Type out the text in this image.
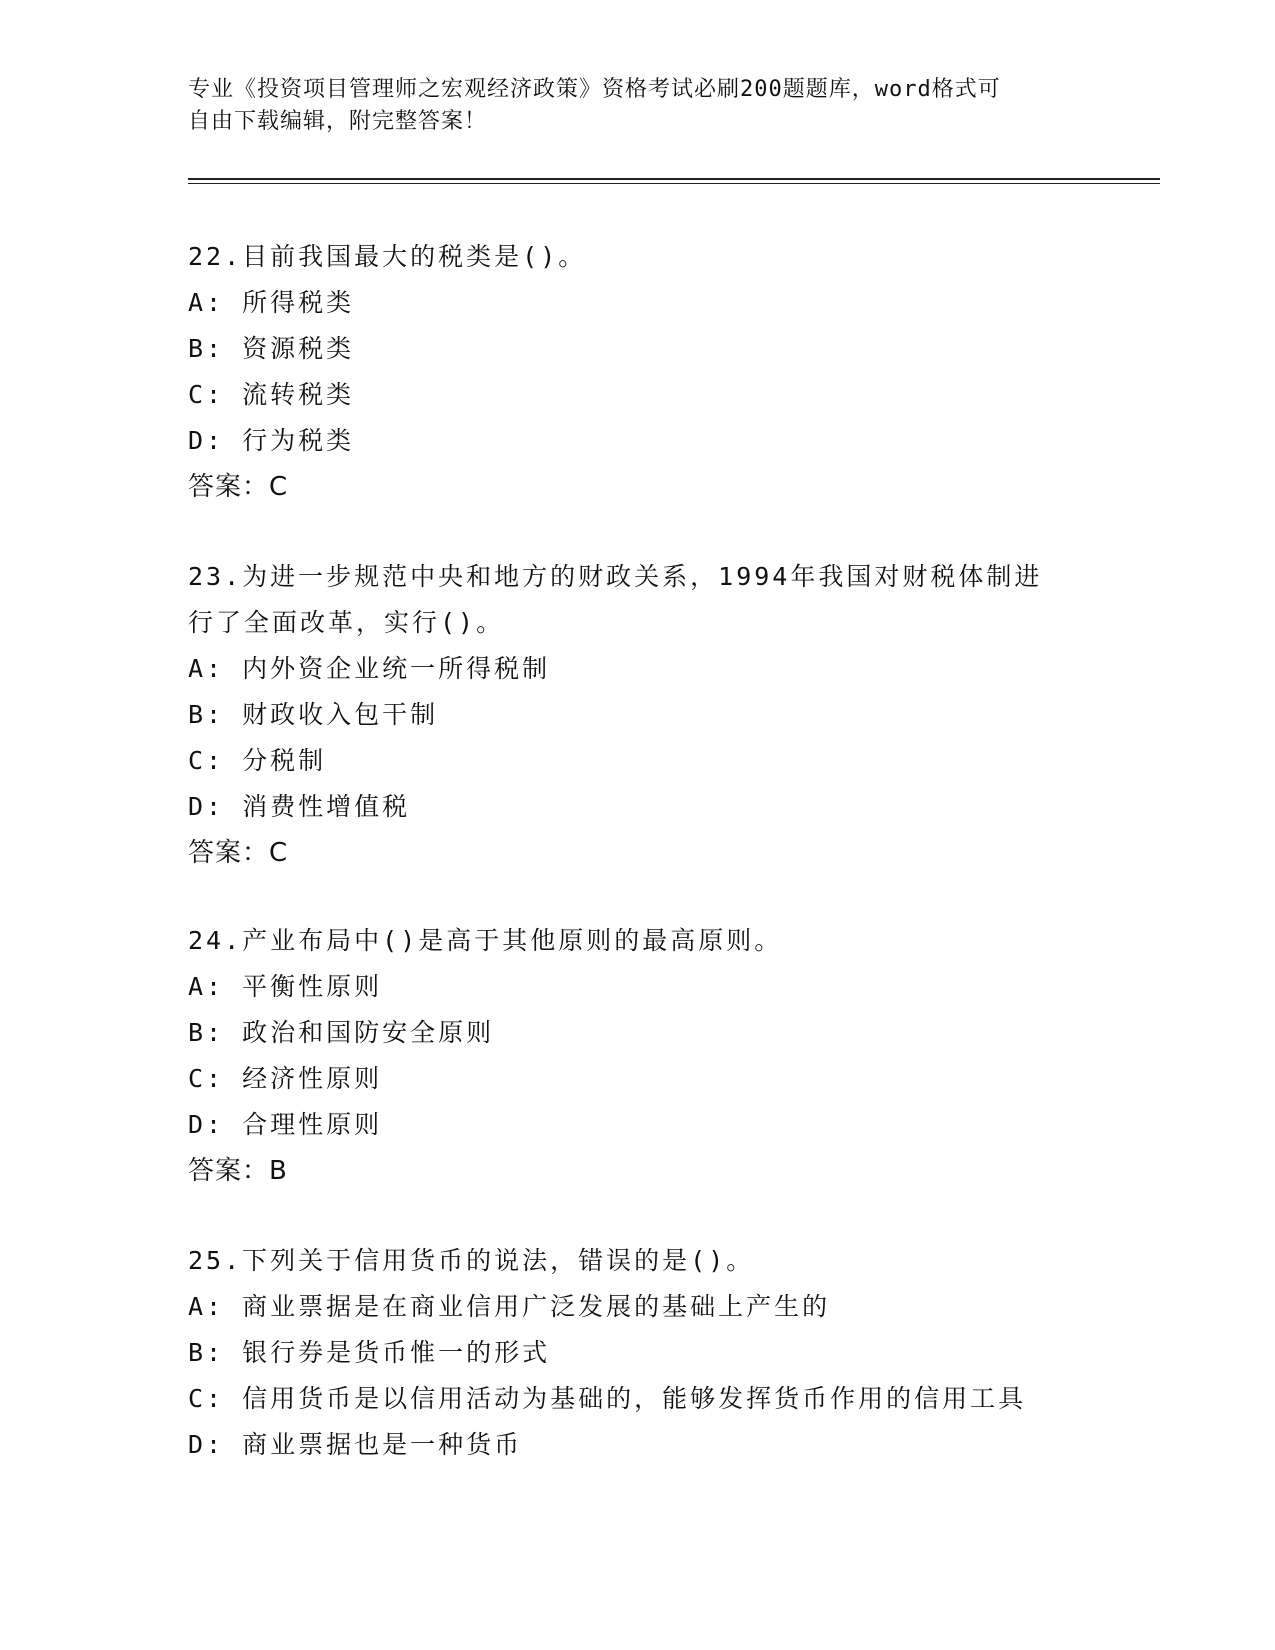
专业《投资项目管理师之宏观经济政策》资格考试必刷200题题库，word格式可
自由下载编辑，附完整答案！

22.目前我国最大的税类是()。

A: 所得税类

B: 资源税类

C: 流转税类

D: 行为税类

答案：C

23.为进一步规范中央和地方的财政关系，1994年我国对财税体制进行了全面改革，实行()。

A: 内外资企业统一所得税制

B: 财政收入包干制

C: 分税制

D: 消费性增值税

答案：C

24.产业布局中()是高于其他原则的最高原则。

A: 平衡性原则

B: 政治和国防安全原则

C: 经济性原则

D: 合理性原则

答案：B

25.下列关于信用货币的说法，错误的是()。

A: 商业票据是在商业信用广泛发展的基础上产生的

B: 银行券是货币惟一的形式

C: 信用货币是以信用活动为基础的，能够发挥货币作用的信用工具

D: 商业票据也是一种货币
